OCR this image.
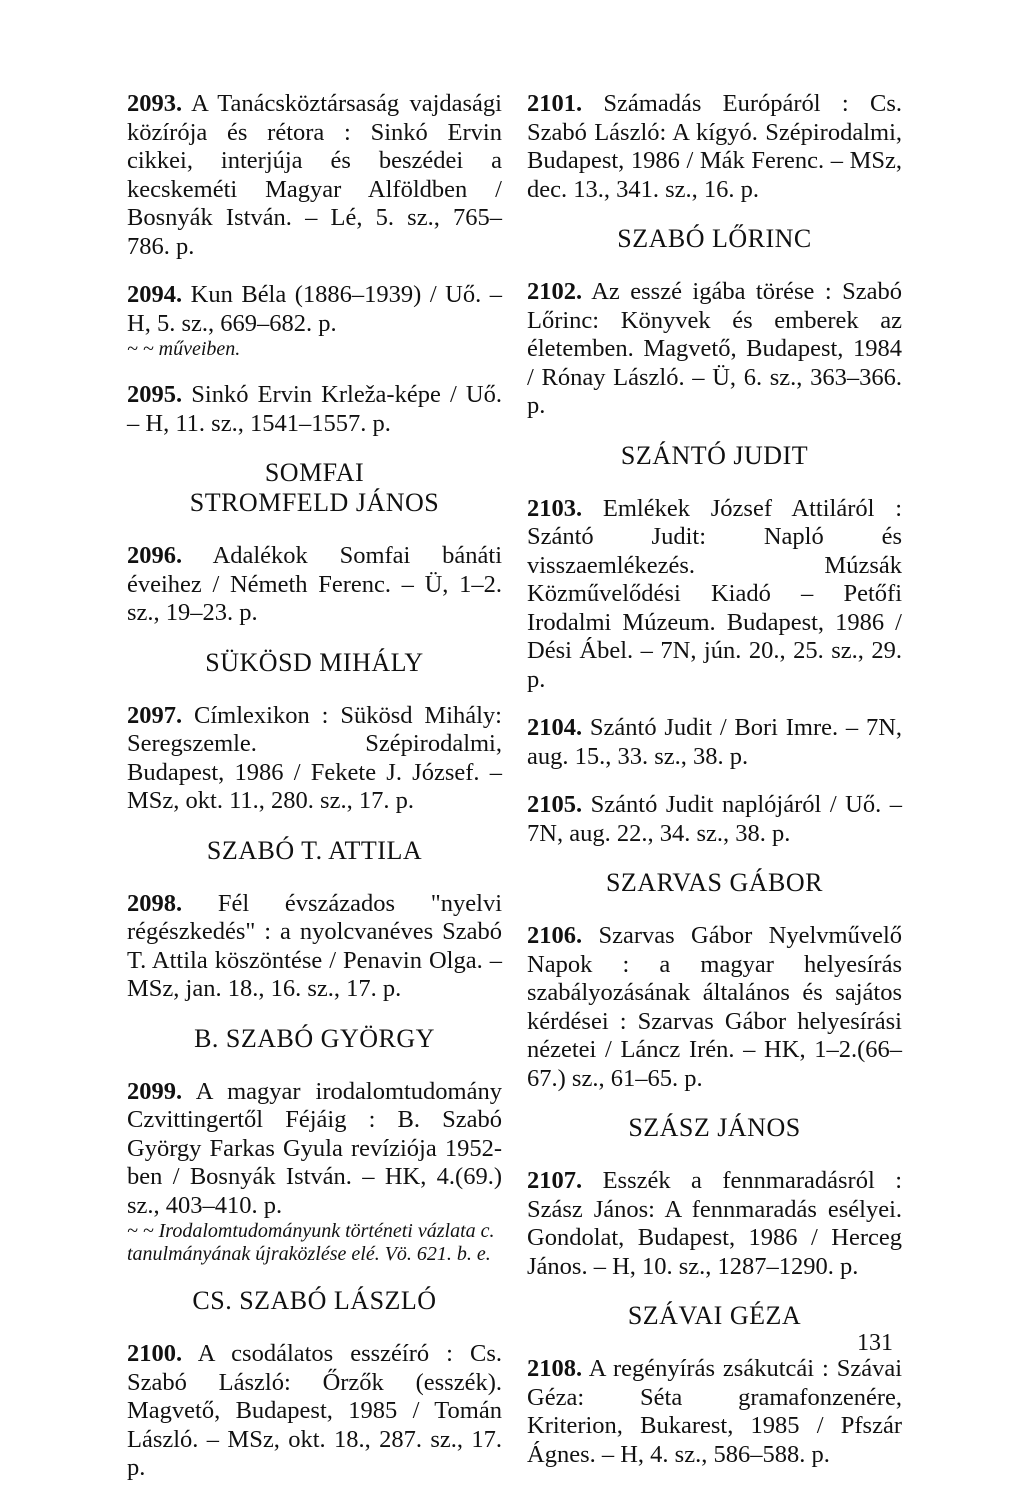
2093. A Tanácsköztársaság vajdasági közírója és rétora : Sinkó Ervin cikkei, interjúja és beszédei a kecskeméti Magyar Alföldben / Bosnyák István. – Lé, 5. sz., 765–786. p.

2094. Kun Béla (1886–1939) / Uő. – H, 5. sz., 669–682. p.
~ ~ műveiben.

2095. Sinkó Ervin Krleža-képe / Uő. – H, 11. sz., 1541–1557. p.

SOMFAI STROMFELD JÁNOS

2096. Adalékok Somfai bánáti éveihez / Németh Ferenc. – Ü, 1–2. sz., 19–23. p.

SÜKÖSD MIHÁLY

2097. Címlexikon : Sükösd Mihály: Seregszemle. Szépirodalmi, Budapest, 1986 / Fekete J. József. – MSz, okt. 11., 280. sz., 17. p.

SZABÓ T. ATTILA

2098. Fél évszázados "nyelvi régészkedés" : a nyolcvanéves Szabó T. Attila köszöntése / Penavin Olga. – MSz, jan. 18., 16. sz., 17. p.

B. SZABÓ GYÖRGY
2099. A magyar irodalomtudomány Czvittingertől Féjáig : B. Szabó György Farkas Gyula revíziója 1952-ben / Bosnyák István. – HK, 4.(69.) sz., 403–410. p.
~ ~ Irodalomtudományunk történeti vázlata c. tanulmányának újraközlése elé. Vö. 621. b. e.
CS. SZABÓ LÁSZLÓ

2100. A csodálatos esszéíró : Cs. Szabó László: Őrzők (esszék). Magvető, Budapest, 1985 / Tomán László. – MSz, okt. 18., 287. sz., 17. p.

2101. Számadás Európáról : Cs. Szabó László: A kígyó. Szépirodalmi, Budapest, 1986 / Mák Ferenc. – MSz, dec. 13., 341. sz., 16. p.

SZABÓ LŐRINC

2102. Az esszé igába törése : Szabó Lőrinc: Könyvek és emberek az életemben. Magvető, Budapest, 1984 / Rónay László. – Ü, 6. sz., 363–366. p.

SZÁNTÓ JUDIT

2103. Emlékek József Attiláról : Szántó Judit: Napló és visszaemlékezés. Múzsák Közművelődési Kiadó – Petőfi Irodalmi Múzeum. Budapest, 1986 / Dési Ábel. – 7N, jún. 20., 25. sz., 29. p.

2104. Szántó Judit / Bori Imre. – 7N, aug. 15., 33. sz., 38. p.

2105. Szántó Judit naplójáról / Uő. – 7N, aug. 22., 34. sz., 38. p.

SZARVAS GÁBOR

2106. Szarvas Gábor Nyelvművelő Napok : a magyar helyesírás szabályozásának általános és sajátos kérdései : Szarvas Gábor helyesírási nézetei / Láncz Irén. – HK, 1–2.(66–67.) sz., 61–65. p.

SZÁSZ JÁNOS

2107. Esszék a fennmaradásról : Szász János: A fennmaradás esélyei. Gondolat, Budapest, 1986 / Herceg János. – H, 10. sz., 1287–1290. p.

SZÁVAI GÉZA

2108. A regényírás zsákutcái : Szávai Géza: Séta gramafonzenére, Kriterion, Bukarest, 1985 / Pfszár Ágnes. – H, 4. sz., 586–588. p.

131
